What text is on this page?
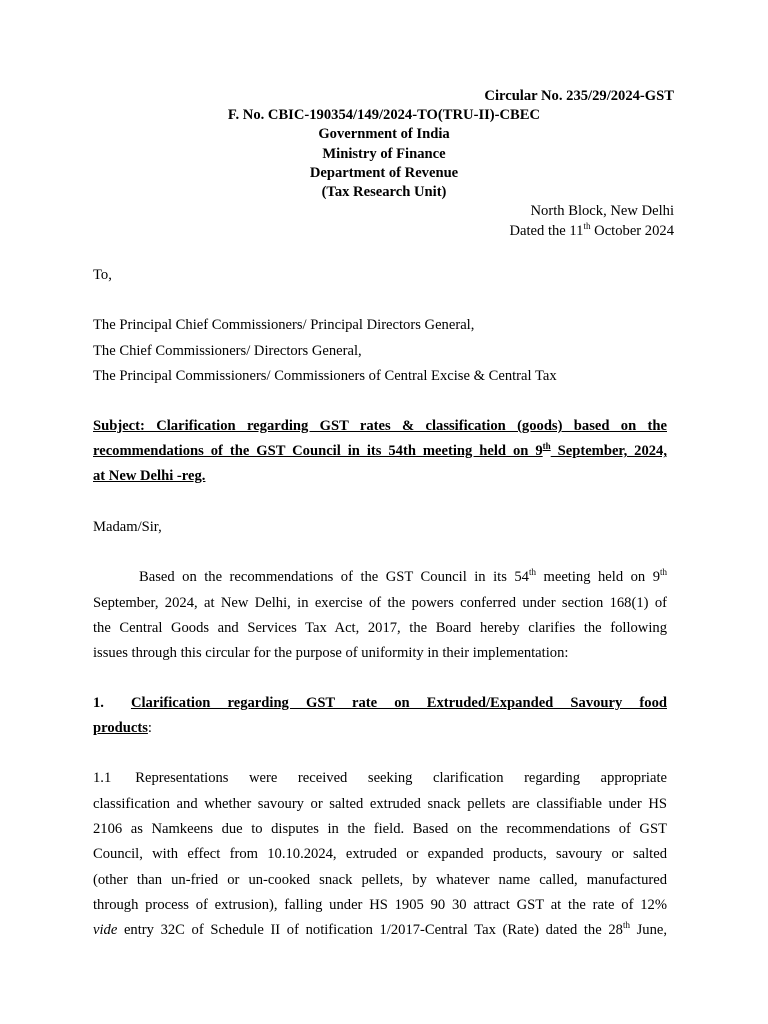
Circular No. 235/29/2024-GST
F. No. CBIC-190354/149/2024-TO(TRU-II)-CBEC
Government of India
Ministry of Finance
Department of Revenue
(Tax Research Unit)
North Block, New Delhi
Dated the 11th October 2024
To,
The Principal Chief Commissioners/ Principal Directors General,
The Chief Commissioners/ Directors General,
The Principal Commissioners/ Commissioners of Central Excise & Central Tax
Subject: Clarification regarding GST rates & classification (goods) based on the
recommendations of the GST Council in its 54th meeting held on 9th September, 2024,
at New Delhi -reg.
Madam/Sir,
Based on the recommendations of the GST Council in its 54th meeting held on 9th
September, 2024, at New Delhi, in exercise of the powers conferred under section 168(1) of
the Central Goods and Services Tax Act, 2017, the Board hereby clarifies the following
issues through this circular for the purpose of uniformity in their implementation:
1. Clarification regarding GST rate on Extruded/Expanded Savoury food
products:
1.1 Representations were received seeking clarification regarding appropriate
classification and whether savoury or salted extruded snack pellets are classifiable under HS
2106 as Namkeens due to disputes in the field. Based on the recommendations of GST
Council, with effect from 10.10.2024, extruded or expanded products, savoury or salted
(other than un-fried or un-cooked snack pellets, by whatever name called, manufactured
through process of extrusion), falling under HS 1905 90 30 attract GST at the rate of 12%
vide entry 32C of Schedule II of notification 1/2017-Central Tax (Rate) dated the 28th June,
